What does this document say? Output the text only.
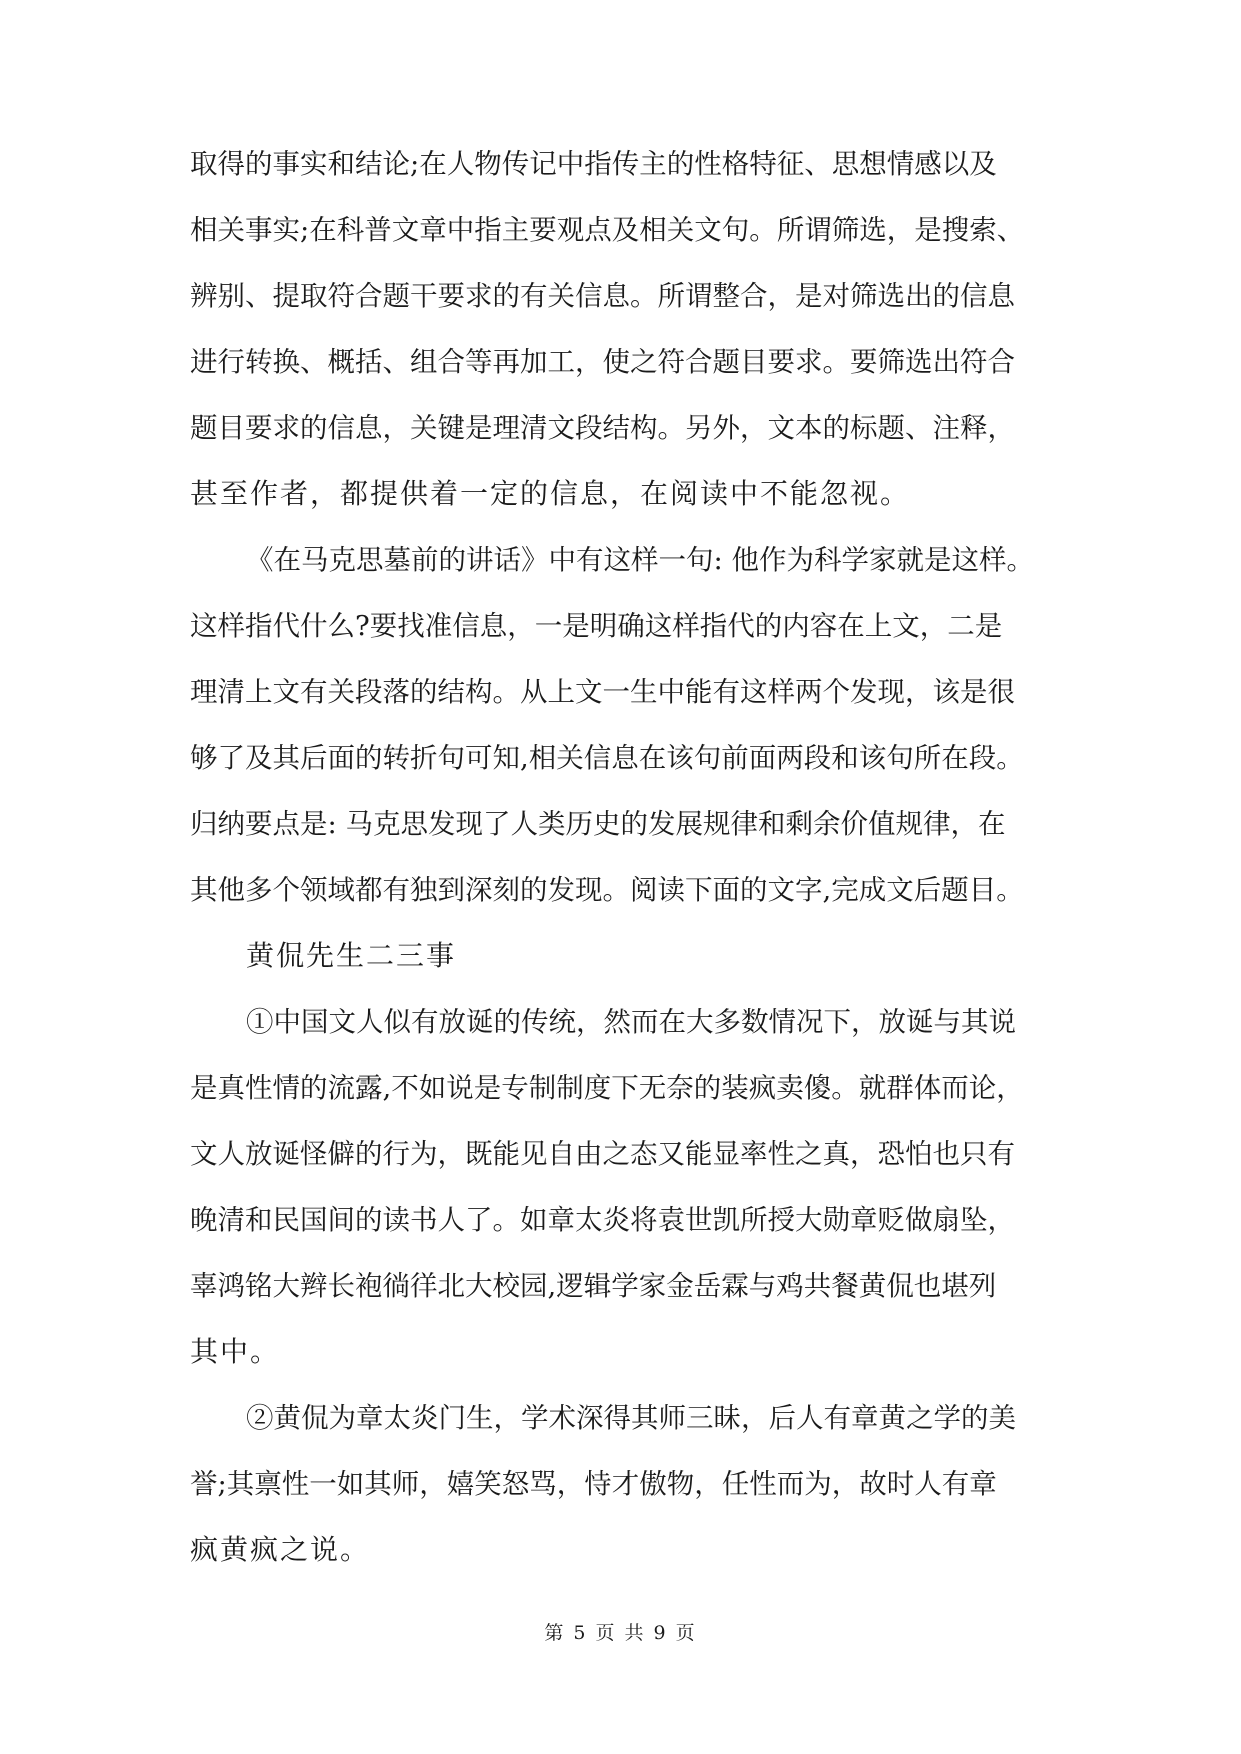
取得的事实和结论;在人物传记中指传主的性格特征、思想情感以及
相关事实;在科普文章中指主要观点及相关文句。所谓筛选，是搜索、
辨别、提取符合题干要求的有关信息。所谓整合，是对筛选出的信息
进行转换、概括、组合等再加工，使之符合题目要求。要筛选出符合
题目要求的信息，关键是理清文段结构。另外，文本的标题、注释，
甚至作者，都提供着一定的信息，在阅读中不能忽视。
《在马克思墓前的讲话》中有这样一句: 他作为科学家就是这样。
这样指代什么?要找准信息，一是明确这样指代的内容在上文，二是
理清上文有关段落的结构。从上文一生中能有这样两个发现，该是很
够了及其后面的转折句可知,相关信息在该句前面两段和该句所在段。
归纳要点是: 马克思发现了人类历史的发展规律和剩余价值规律，在
其他多个领域都有独到深刻的发现。阅读下面的文字,完成文后题目。
黄侃先生二三事
①中国文人似有放诞的传统，然而在大多数情况下，放诞与其说
是真性情的流露,不如说是专制制度下无奈的装疯卖傻。就群体而论，
文人放诞怪僻的行为，既能见自由之态又能显率性之真，恐怕也只有
晚清和民国间的读书人了。如章太炎将袁世凯所授大勋章贬做扇坠，
辜鸿铭大辫长袍徜徉北大校园,逻辑学家金岳霖与鸡共餐黄侃也堪列
其中。
②黄侃为章太炎门生，学术深得其师三昧，后人有章黄之学的美
誉;其禀性一如其师，嬉笑怒骂，恃才傲物，任性而为，故时人有章
疯黄疯之说。
第 5 页 共 9 页
